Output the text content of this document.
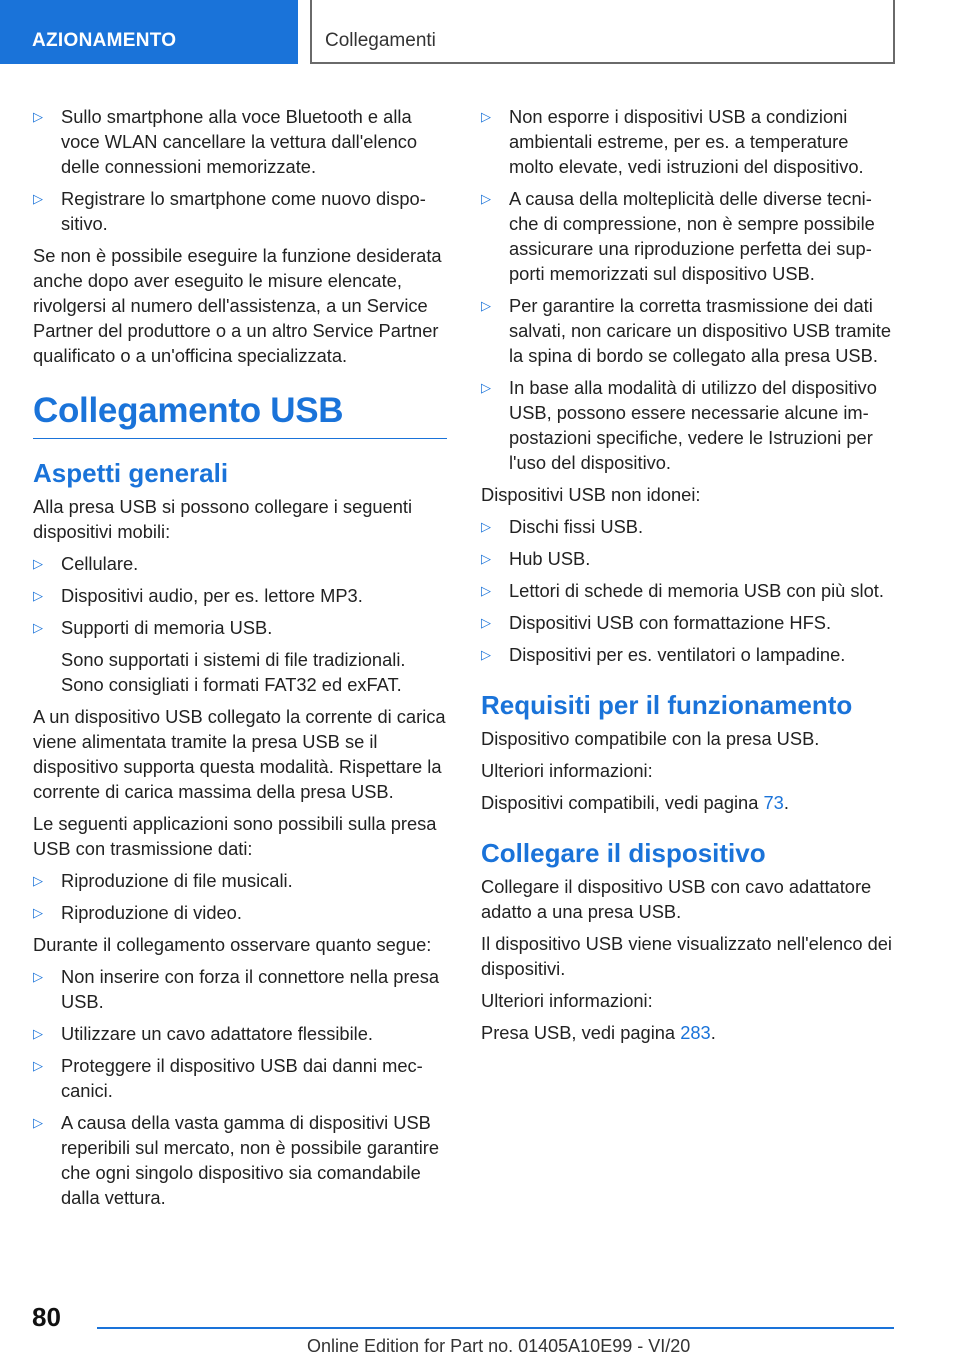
AZIONAMENTO	Collegamenti
▷ Sullo smartphone alla voce Bluetooth e alla voce WLAN cancellare la vettura dall'elenco delle connessioni memorizzate.
▷ Registrare lo smartphone come nuovo dispositivo.

Se non è possibile eseguire la funzione desiderata anche dopo aver eseguito le misure elencate, rivolgersi al numero dell'assistenza, a un Service Partner del produttore o a un altro Service Partner qualificato o a un'officina specializzata.

Collegamento USB
Aspetti generali

Alla presa USB si possono collegare i seguenti dispositivi mobili:

▷ Cellulare.
▷ Dispositivi audio, per es. lettore MP3.
▷ Supporti di memoria USB.
Sono supportati i sistemi di file tradizionali. Sono consigliati i formati FAT32 ed exFAT.

A un dispositivo USB collegato la corrente di carica viene alimentata tramite la presa USB se il dispositivo supporta questa modalità. Rispettare la corrente di carica massima della presa USB.

Le seguenti applicazioni sono possibili sulla presa USB con trasmissione dati:

▷ Riproduzione di file musicali.
▷ Riproduzione di video.

Durante il collegamento osservare quanto segue:

▷ Non inserire con forza il connettore nella presa USB.
▷ Utilizzare un cavo adattatore flessibile.
▷ Proteggere il dispositivo USB dai danni meccanici.
▷ A causa della vasta gamma di dispositivi USB reperibili sul mercato, non è possibile garantire che ogni singolo dispositivo sia comandabile dalla vettura.
▷ Non esporre i dispositivi USB a condizioni ambientali estreme, per es. a temperature molto elevate, vedi istruzioni del dispositivo.
▷ A causa della molteplicità delle diverse tecniche di compressione, non è sempre possibile assicurare una riproduzione perfetta dei supporti memorizzati sul dispositivo USB.
▷ Per garantire la corretta trasmissione dei dati salvati, non caricare un dispositivo USB tramite la spina di bordo se collegato alla presa USB.
▷ In base alla modalità di utilizzo del dispositivo USB, possono essere necessarie alcune impostazioni specifiche, vedere le Istruzioni per l'uso del dispositivo.

Dispositivi USB non idonei:

▷ Dischi fissi USB.
▷ Hub USB.
▷ Lettori di schede di memoria USB con più slot.
▷ Dispositivi USB con formattazione HFS.
▷ Dispositivi per es. ventilatori o lampadine.
Requisiti per il funzionamento

Dispositivo compatibile con la presa USB.

Ulteriori informazioni:

Dispositivi compatibili, vedi pagina 73.

Collegare il dispositivo

Collegare il dispositivo USB con cavo adattatore adatto a una presa USB.

Il dispositivo USB viene visualizzato nell'elenco dei dispositivi.

Ulteriori informazioni:

Presa USB, vedi pagina 283.

80
Online Edition for Part no. 01405A10E99 - VI/20
